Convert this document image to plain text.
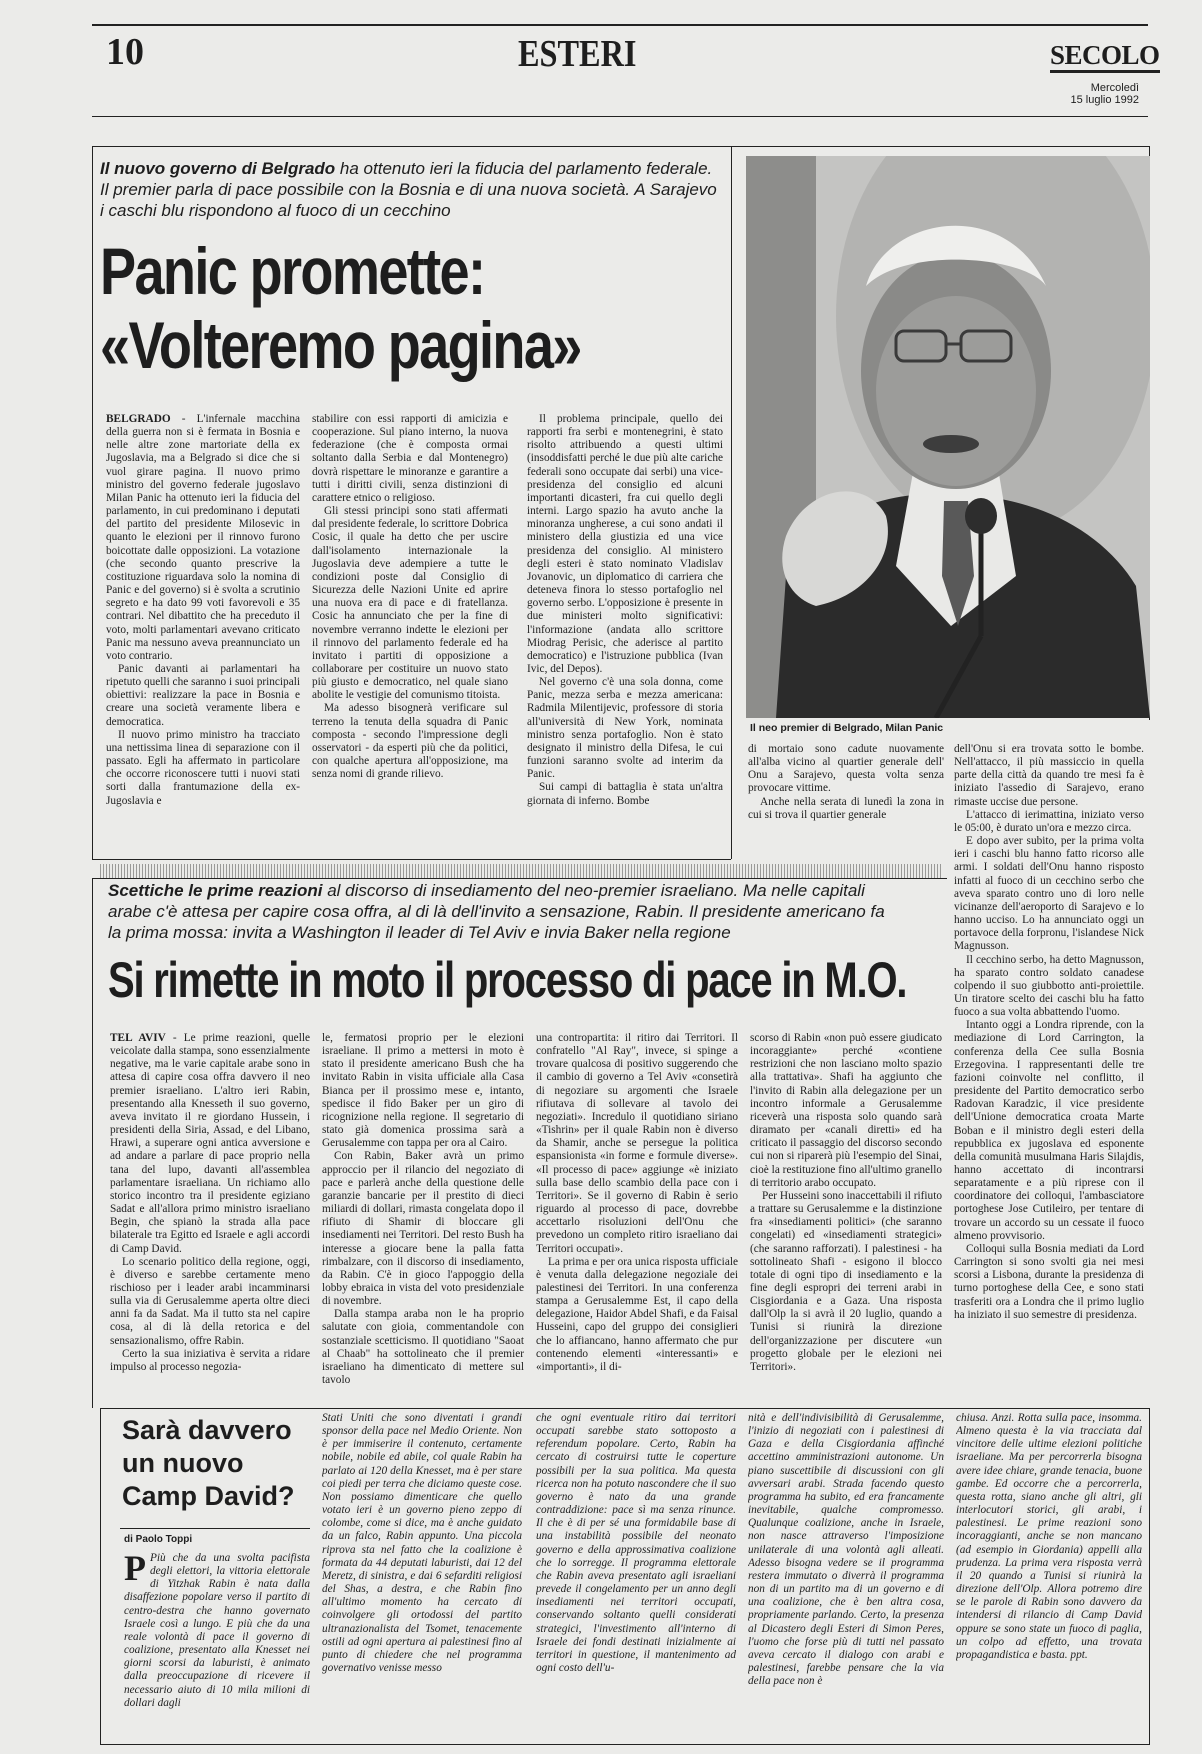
10	ESTERI	SECOLO
Mercoledì
15 luglio 1992

Il nuovo governo di Belgrado ha ottenuto ieri la fiducia del parlamento federale. Il premier parla di pace possibile con la Bosnia e di una nuova società. A Sarajevo i caschi blu rispondono al fuoco di un cecchino

Panic promette:
«Volteremo pagina»
Il neo premier di Belgrado, Milan Panic

BELGRADO - L'infernale macchina della guerra non si è fermata in Bosnia e nelle altre zone martoriate della ex Jugoslavia, ma a Belgrado si dice che si vuol girare pagina. Il nuovo primo ministro del governo federale jugoslavo Milan Panic ha ottenuto ieri la fiducia del parlamento, in cui predominano i deputati del partito del presidente Milosevic in quanto le elezioni per il rinnovo furono boicottate dalle opposizioni. La votazione (che secondo quanto prescrive la costituzione riguardava solo la nomina di Panic e del governo) si è svolta a scrutinio segreto e ha dato 99 voti favorevoli e 35 contrari. Nel dibattito che ha preceduto il voto, molti parlamentari avevano criticato Panic ma nessuno aveva preannunciato un voto contrario.

Panic davanti ai parlamentari ha ripetuto quelli che saranno i suoi principali obiettivi: realizzare la pace in Bosnia e creare una società veramente libera e democratica.

Il nuovo primo ministro ha tracciato una nettissima linea di separazione con il passato. Egli ha affermato in particolare che occorre riconoscere tutti i nuovi stati sorti dalla frantumazione della ex-Jugoslavia e

stabilire con essi rapporti di amicizia e cooperazione. Sul piano interno, la nuova federazione (che è composta ormai soltanto dalla Serbia e dal Montenegro) dovrà rispettare le minoranze e garantire a tutti i diritti civili, senza distinzioni di carattere etnico o religioso.

Gli stessi principi sono stati affermati dal presidente federale, lo scrittore Dobrica Cosic, il quale ha detto che per uscire dall'isolamento internazionale la Jugoslavia deve adempiere a tutte le condizioni poste dal Consiglio di Sicurezza delle Nazioni Unite ed aprire una nuova era di pace e di fratellanza. Cosic ha annunciato che per la fine di novembre verranno indette le elezioni per il rinnovo del parlamento federale ed ha invitato i partiti di opposizione a collaborare per costituire un nuovo stato più giusto e democratico, nel quale siano abolite le vestigie del comunismo titoista.

Ma adesso bisognerà verificare sul terreno la tenuta della squadra di Panic composta - secondo l'impressione degli osservatori - da esperti più che da politici, con qualche apertura all'opposizione, ma senza nomi di grande rilievo.

Il problema principale, quello dei rapporti fra serbi e montenegrini, è stato risolto attribuendo a questi ultimi (insoddisfatti perché le due più alte cariche federali sono occupate dai serbi) una vice-presidenza del consiglio ed alcuni importanti dicasteri, fra cui quello degli interni. Largo spazio ha avuto anche la minoranza ungherese, a cui sono andati il ministero della giustizia ed una vice presidenza del consiglio. Al ministero degli esteri è stato nominato Vladislav Jovanovic, un diplomatico di carriera che deteneva finora lo stesso portafoglio nel governo serbo. L'opposizione è presente in due ministeri molto significativi: l'informazione (andata allo scrittore Miodrag Perisic, che aderisce al partito democratico) e l'istruzione pubblica (Ivan Ivic, del Depos).

Nel governo c'è una sola donna, come Panic, mezza serba e mezza americana: Radmila Milentijevic, professore di storia all'università di New York, nominata ministro senza portafoglio. Non è stato designato il ministro della Difesa, le cui funzioni saranno svolte ad interim da Panic.

Sui campi di battaglia è stata un'altra giornata di inferno. Bombe

di mortaio sono cadute nuovamente all'alba vicino al quartier generale dell' Onu a Sarajevo, questa volta senza provocare vittime.

Anche nella serata di lunedì la zona in cui si trova il quartier generale

dell'Onu si era trovata sotto le bombe. Nell'attacco, il più massiccio in quella parte della città da quando tre mesi fa è iniziato l'assedio di Sarajevo, erano rimaste uccise due persone.

L'attacco di ierimattina, iniziato verso le 05:00, è durato un'ora e mezzo circa.

E dopo aver subito, per la prima volta ieri i caschi blu hanno fatto ricorso alle armi. I soldati dell'Onu hanno risposto infatti al fuoco di un cecchino serbo che aveva sparato contro uno di loro nelle vicinanze dell'aeroporto di Sarajevo e lo hanno ucciso. Lo ha annunciato oggi un portavoce della forpronu, l'islandese Nick Magnusson.

Il cecchino serbo, ha detto Magnusson, ha sparato contro soldato canadese colpendo il suo giubbotto anti-proiettile. Un tiratore scelto dei caschi blu ha fatto fuoco a sua volta abbattendo l'uomo.

Intanto oggi a Londra riprende, con la mediazione di Lord Carrington, la conferenza della Cee sulla Bosnia Erzegovina. I rappresentanti delle tre fazioni coinvolte nel conflitto, il presidente del Partito democratico serbo Radovan Karadzic, il vice presidente dell'Unione democratica croata Marte Boban e il ministro degli esteri della repubblica ex jugoslava ed esponente della comunità musulmana Haris Silajdis, hanno accettato di incontrarsi separatamente e a più riprese con il coordinatore dei colloqui, l'ambasciatore portoghese Jose Cutileiro, per tentare di trovare un accordo su un cessate il fuoco almeno provvisorio.

Colloqui sulla Bosnia mediati da Lord Carrington si sono svolti gia nei mesi scorsi a Lisbona, durante la presidenza di turno portoghese della Cee, e sono stati trasferiti ora a Londra che il primo luglio ha iniziato il suo semestre di presidenza.

Scettiche le prime reazioni al discorso di insediamento del neo-premier israeliano. Ma nelle capitali arabe c'è attesa per capire cosa offra, al di là dell'invito a sensazione, Rabin. Il presidente americano fa la prima mossa: invita a Washington il leader di Tel Aviv e invia Baker nella regione

Si rimette in moto il processo di pace in M.O.

TEL AVIV - Le prime reazioni, quelle veicolate dalla stampa, sono essenzialmente negative, ma le varie capitale arabe sono in attesa di capire cosa offra davvero il neo premier israeliano. L'altro ieri Rabin, presentando alla Knesseth il suo governo, aveva invitato il re giordano Hussein, i presidenti della Siria, Assad, e del Libano, Hrawi, a superare ogni antica avversione e ad andare a parlare di pace proprio nella tana del lupo, davanti all'assemblea parlamentare israeliana. Un richiamo allo storico incontro tra il presidente egiziano Sadat e all'allora primo ministro israeliano Begin, che spianò la strada alla pace bilaterale tra Egitto ed Israele e agli accordi di Camp David.

Lo scenario politico della regione, oggi, è diverso e sarebbe certamente meno rischioso per i leader arabi incamminarsi sulla via di Gerusalemme aperta oltre dieci anni fa da Sadat. Ma il tutto sta nel capire cosa, al di là della retorica e del sensazionalismo, offre Rabin.

Certo la sua iniziativa è servita a ridare impulso al processo negozia-

le, fermatosi proprio per le elezioni israeliane. Il primo a mettersi in moto è stato il presidente americano Bush che ha invitato Rabin in visita ufficiale alla Casa Bianca per il prossimo mese e, intanto, spedisce il fido Baker per un giro di ricognizione nella regione. Il segretario di stato già domenica prossima sarà a Gerusalemme con tappa per ora al Cairo.

Con Rabin, Baker avrà un primo approccio per il rilancio del negoziato di pace e parlerà anche della questione delle garanzie bancarie per il prestito di dieci miliardi di dollari, rimasta congelata dopo il rifiuto di Shamir di bloccare gli insediamenti nei Territori. Del resto Bush ha interesse a giocare bene la palla fatta rimbalzare, con il discorso di insediamento, da Rabin. C'è in gioco l'appoggio della lobby ebraica in vista del voto presidenziale di novembre.

Dalla stampa araba non le ha proprio salutate con gioia, commentandole con sostanziale scetticismo. Il quotidiano "Saoat al Chaab" ha sottolineato che il premier israeliano ha dimenticato di mettere sul tavolo

una contropartita: il ritiro dai Territori. Il confratello "Al Ray", invece, si spinge a trovare qualcosa di positivo suggerendo che il cambio di governo a Tel Aviv «consetirà di negoziare su argomenti che Israele rifiutava di sollevare al tavolo dei negoziati». Incredulo il quotidiano siriano «Tishrin» per il quale Rabin non è diverso da Shamir, anche se persegue la politica espansionista «in forme e formule diverse». «Il processo di pace» aggiunge «è iniziato sulla base dello scambio della pace con i Territori». Se il governo di Rabin è serio riguardo al processo di pace, dovrebbe accettarlo risoluzioni dell'Onu che prevedono un completo ritiro israeliano dai Territori occupati».

La prima e per ora unica risposta ufficiale è venuta dalla delegazione negoziale dei palestinesi dei Territori. In una conferenza stampa a Gerusalemme Est, il capo della delegazione, Haidor Abdel Shafi, e da Faisal Husseini, capo del gruppo dei consiglieri che lo affiancano, hanno affermato che pur contenendo elementi «interessanti» e «importanti», il di-

scorso di Rabin «non può essere giudicato incoraggiante» perché «contiene restrizioni che non lasciano molto spazio alla trattativa». Shafi ha aggiunto che l'invito di Rabin alla delegazione per un incontro informale a Gerusalemme riceverà una risposta solo quando sarà diramato per «canali diretti» ed ha criticato il passaggio del discorso secondo cui non si riparerà più l'esempio del Sinai, cioè la restituzione fino all'ultimo granello di territorio arabo occupato.

Per Husseini sono inaccettabili il rifiuto a trattare su Gerusalemme e la distinzione fra «insediamenti politici» (che saranno congelati) ed «insediamenti strategici» (che saranno rafforzati). I palestinesi - ha sottolineato Shafi - esigono il blocco totale di ogni tipo di insediamento e la fine degli espropri dei terreni arabi in Cisgiordania e a Gaza. Una risposta dall'Olp la si avrà il 20 luglio, quando a Tunisi si riunirà la direzione dell'organizzazione per discutere «un progetto globale per le elezioni nei Territori».

Sarà davvero un nuovo Camp David?
di Paolo Toppi

P Più che da una svolta pacifista degli elettori, la vittoria elettorale di Yitzhak Rabin è nata dalla disaffezione popolare verso il partito di centro-destra che hanno governato Israele così a lungo. E più che da una reale volontà di pace il governo di coalizione, presentato alla Knesset nei giorni scorsi da laburisti, è animato dalla preoccupazione di ricevere il necessario aiuto di 10 mila milioni di dollari dagli

Stati Uniti che sono diventati i grandi sponsor della pace nel Medio Oriente. Non è per immiserire il contenuto, certamente nobile, nobile ed abile, col quale Rabin ha parlato ai 120 della Knesset, ma è per stare coi piedi per terra che diciamo queste cose. Non possiamo dimenticare che quello votato ieri è un governo pieno zeppo di colombe, come si dice, ma è anche guidato da un falco, Rabin appunto. Una piccola riprova sta nel fatto che la coalizione è formata da 44 deputati laburisti, dai 12 del Meretz, di sinistra, e dai 6 sefarditi religiosi del Shas, a destra, e che Rabin fino all'ultimo momento ha cercato di coinvolgere gli ortodossi del partito ultranazionalista del Tsomet, tenacemente ostili ad ogni apertura ai palestinesi fino al punto di chiedere che nel programma governativo venisse messo

che ogni eventuale ritiro dai territori occupati sarebbe stato sottoposto a referendum popolare. Certo, Rabin ha cercato di costruirsi tutte le coperture possibili per la sua politica. Ma questa ricerca non ha potuto nascondere che il suo governo è nato da una grande contraddizione: pace sì ma senza rinunce. Il che è di per sé una formidabile base di una instabilità possibile del neonato governo e della approssimativa coalizione che lo sorregge. Il programma elettorale che Rabin aveva presentato agli israeliani prevede il congelamento per un anno degli insediamenti nei territori occupati, conservando soltanto quelli considerati strategici, l'investimento all'interno di Israele dei fondi destinati inizialmente ai territori in questione, il mantenimento ad ogni costo dell'u-

nità e dell'indivisibilità di Gerusalemme, l'inizio di negoziati con i palestinesi di Gaza e della Cisgiordania affinché accettino amministrazioni autonome. Un piano suscettibile di discussioni con gli avversari arabi. Strada facendo questo programma ha subito, ed era francamente inevitabile, qualche compromesso. Qualunque coalizione, anche in Israele, non nasce attraverso l'imposizione unilaterale di una volontà agli alleati. Adesso bisogna vedere se il programma restera immutato o diverrà il programma non di un partito ma di un governo e di una coalizione, che è ben altra cosa, propriamente parlando. Certo, la presenza al Dicastero degli Esteri di Simon Peres, l'uomo che forse più di tutti nel passato aveva cercato il dialogo con arabi e palestinesi, farebbe pensare che la via della pace non è

chiusa. Anzi. Rotta sulla pace, insomma. Almeno questa è la via tracciata dal vincitore delle ultime elezioni politiche israeliane. Ma per percorrerla bisogna avere idee chiare, grande tenacia, buone gambe. Ed occorre che a percorrerla, questa rotta, siano anche gli altri, gli interlocutori storici, gli arabi, i palestinesi. Le prime reazioni sono incoraggianti, anche se non mancano (ad esempio in Giordania) appelli alla prudenza. La prima vera risposta verrà il 20 quando a Tunisi si riunirà la direzione dell'Olp. Allora potremo dire se le parole di Rabin sono davvero da intendersi di rilancio di Camp David oppure se sono state un fuoco di paglia, un colpo ad effetto, una trovata propagandistica e basta. ppt.
